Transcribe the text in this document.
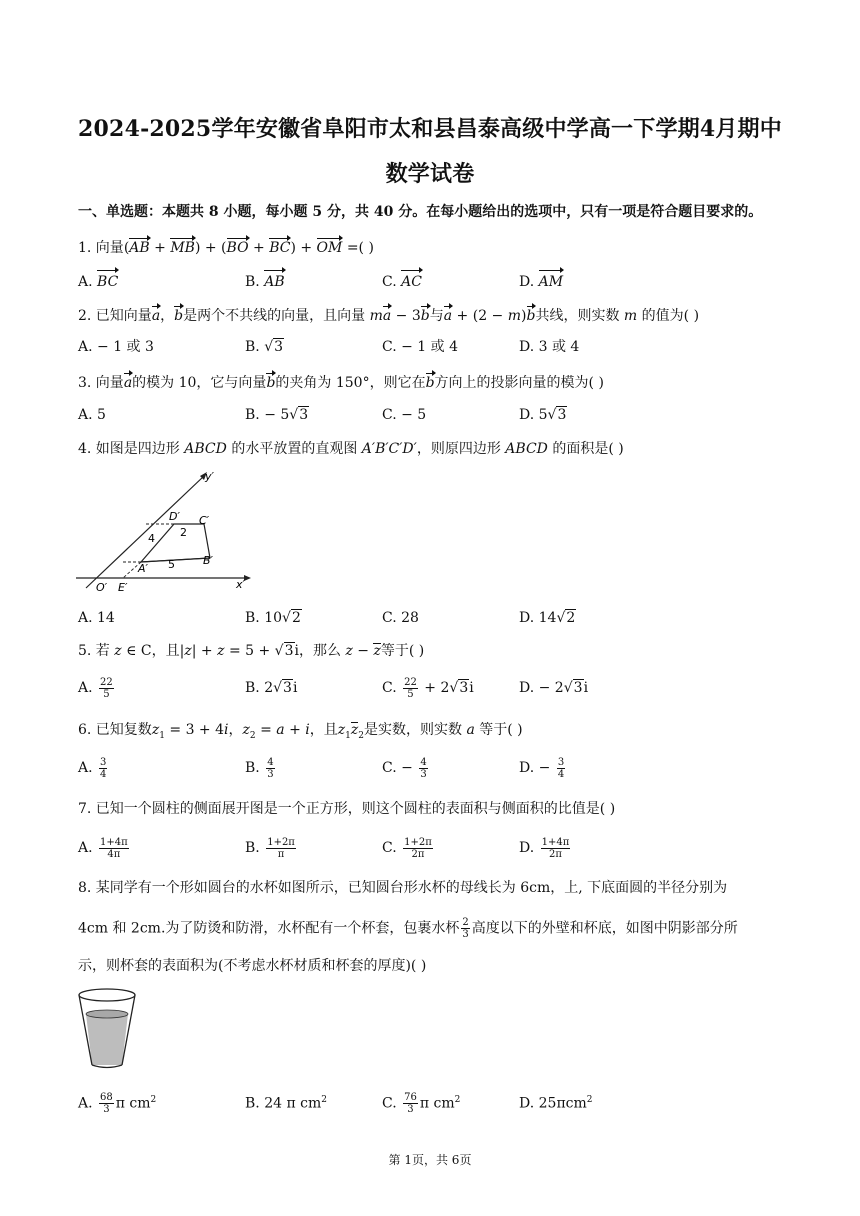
2024-2025学年安徽省阜阳市太和县昌泰高级中学高一下学期4月期中
数学试卷
一、单选题：本题共 8 小题，每小题 5 分，共 40 分。在每小题给出的选项中，只有一项是符合题目要求的。
1. 向量(AB + MB) + (BO + BC) + OM =( )
A. BC	B. AB	C. AC	D. AM
2. 已知向量a，b是两个不共线的向量，且向量 ma − 3b与a + (2 − m)b共线，则实数 m 的值为( )
A. − 1 或 3	B. √3	C. − 1 或 4	D. 3 或 4
3. 向量a的模为 10，它与向量b的夹角为 150°，则它在b方向上的投影向量的模为( )
A. 5	B. − 5√3	C. − 5	D. 5√3
4. 如图是四边形 ABCD 的水平放置的直观图 A′B′C′D′，则原四边形 ABCD 的面积是( )
y′
x′
O′ E′
A′
B′
C′
D′
4 2
5
A. 14	B. 10√2	C. 28	D. 14√2
5. 若 z ∈ C，且|z| + z = 5 + √3i，那么 z − z等于( )
A. $\frac{22}{5}$	B. 2√3i	C. $\frac{22}{5} + 2√3i$	D. − 2√3i
6. 已知复数$z_1 = 3 + 4i$，$z_2 = a + i$，且$z_1z_2$是实数，则实数 a 等于( )
A. $\frac{3}{4}$	B. $\frac{4}{3}$	C. − $\frac{4}{3}$	D. − $\frac{3}{4}$
7. 已知一个圆柱的侧面展开图是一个正方形，则这个圆柱的表面积与侧面积的比值是( )
A. $\frac{1+4\pi}{4\pi}$	B. $\frac{1+2\pi}{\pi}$	C. $\frac{1+2\pi}{2\pi}$	D. $\frac{1+4\pi}{2\pi}$
8. 某同学有一个形如圆台的水杯如图所示，已知圆台形水杯的母线长为 6cm，上, 下底面圆的半径分别为
4cm 和 2cm.为了防烫和防滑，水杯配有一个杯套，包裹水杯 $\frac{2}{3}$ 高度以下的外壁和杯底，如图中阴影部分所
示，则杯套的表面积为(不考虑水杯材质和杯套的厚度)( )
A. $\frac{68}{3}$ π $cm^2$	B. 24 π $cm^2$	C. $\frac{76}{3}$ π $cm^2$	D. 25πcm$^2$
第 1页，共 6页
